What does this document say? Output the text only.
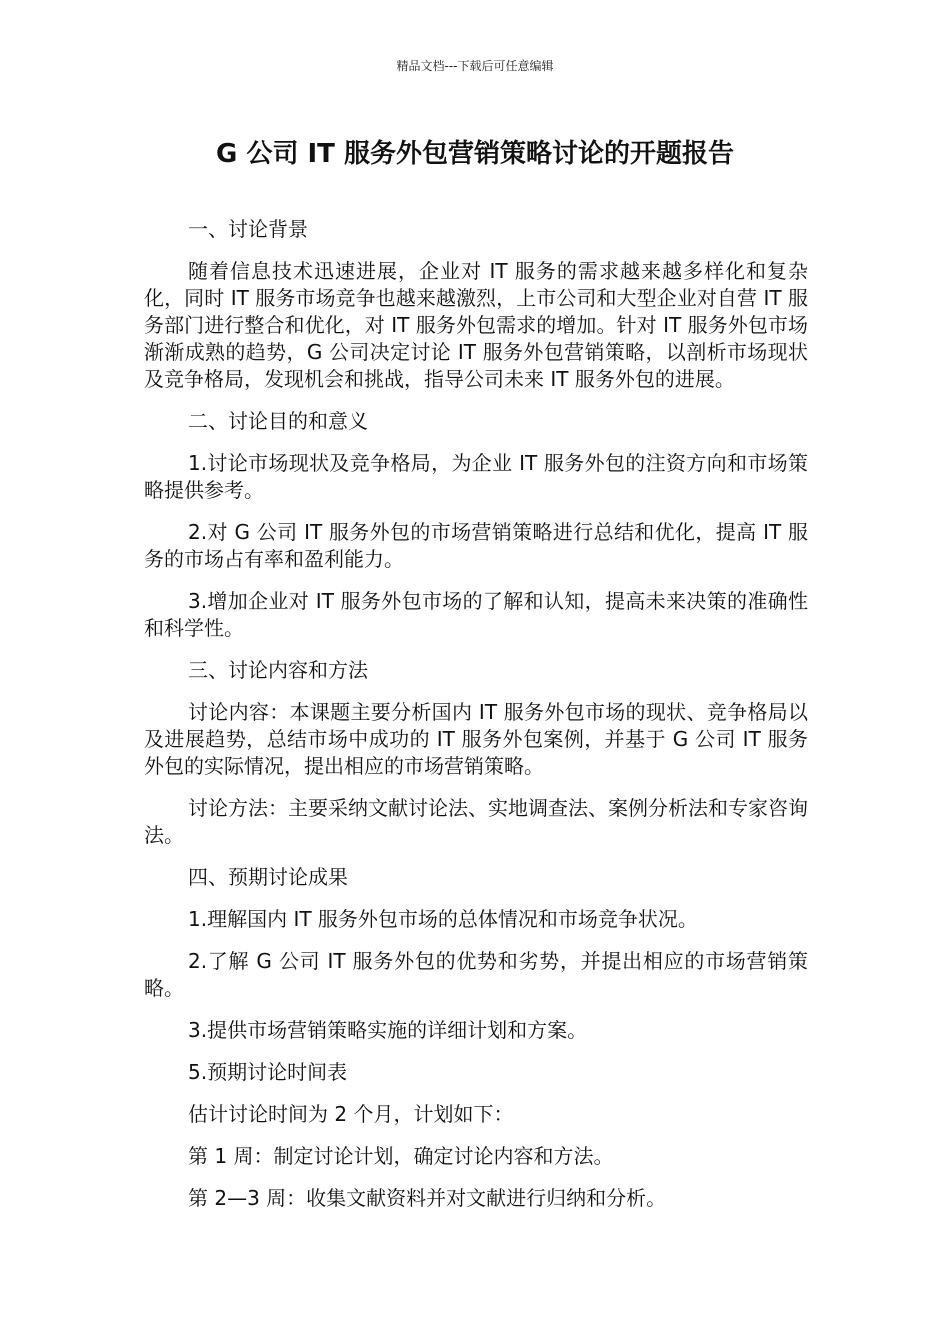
精品文档---下载后可任意编辑
G 公司 IT 服务外包营销策略讨论的开题报告

一、讨论背景

随着信息技术迅速进展，企业对 IT 服务的需求越来越多样化和复杂化，同时 IT 服务市场竞争也越来越激烈，上市公司和大型企业对自营 IT 服务部门进行整合和优化，对 IT 服务外包需求的增加。针对 IT 服务外包市场渐渐成熟的趋势，G 公司决定讨论 IT 服务外包营销策略，以剖析市场现状及竞争格局，发现机会和挑战，指导公司未来 IT 服务外包的进展。

二、讨论目的和意义

1.讨论市场现状及竞争格局，为企业 IT 服务外包的注资方向和市场策略提供参考。

2.对 G 公司 IT 服务外包的市场营销策略进行总结和优化，提高 IT 服务的市场占有率和盈利能力。

3.增加企业对 IT 服务外包市场的了解和认知，提高未来决策的准确性和科学性。

三、讨论内容和方法

讨论内容：本课题主要分析国内 IT 服务外包市场的现状、竞争格局以及进展趋势，总结市场中成功的 IT 服务外包案例，并基于 G 公司 IT 服务外包的实际情况，提出相应的市场营销策略。

讨论方法：主要采纳文献讨论法、实地调查法、案例分析法和专家咨询法。

四、预期讨论成果

1.理解国内 IT 服务外包市场的总体情况和市场竞争状况。

2.了解 G 公司 IT 服务外包的优势和劣势，并提出相应的市场营销策略。

3.提供市场营销策略实施的详细计划和方案。

5.预期讨论时间表

估计讨论时间为 2 个月，计划如下：

第 1 周：制定讨论计划，确定讨论内容和方法。

第 2—3 周：收集文献资料并对文献进行归纳和分析。
